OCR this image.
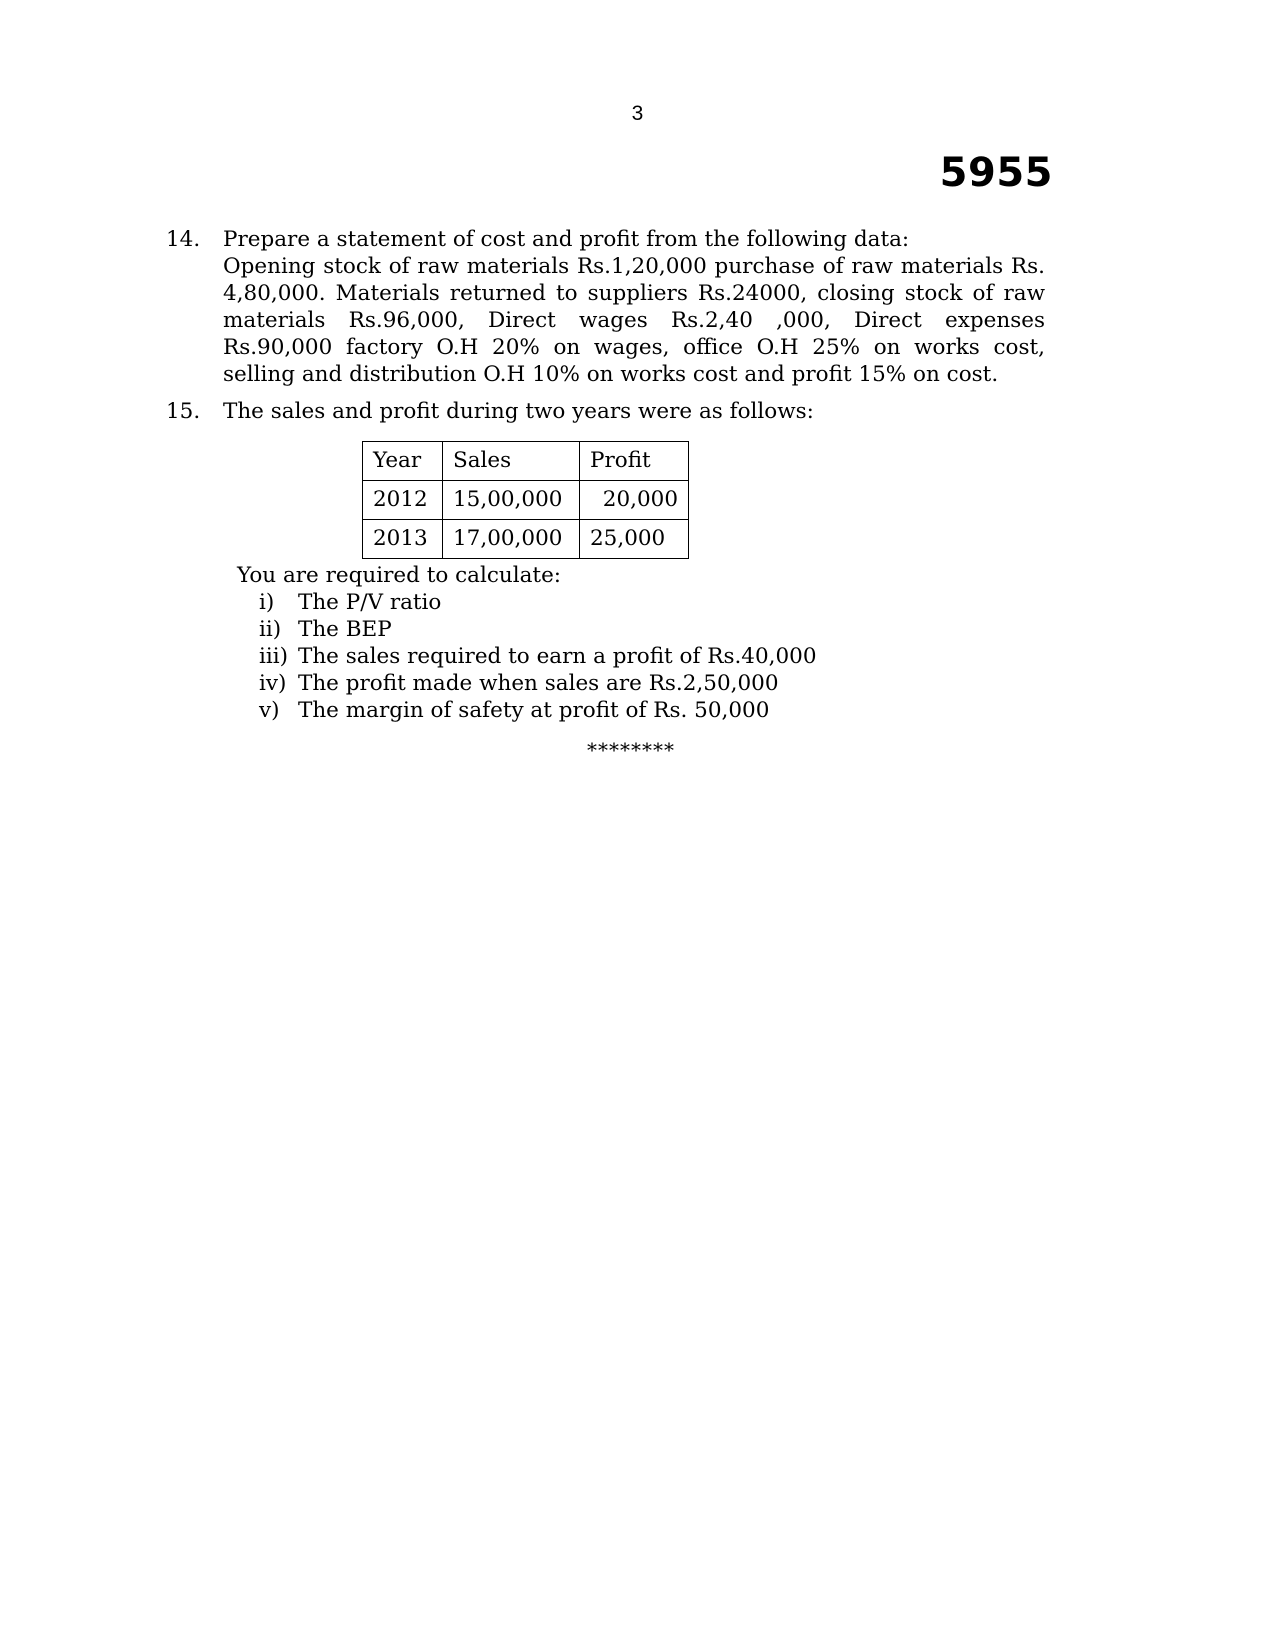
3
5955
14.	Prepare a statement of cost and profit from the following data:

Opening stock of raw materials Rs.1,20,000 purchase of raw materials Rs. 4,80,000. Materials returned to suppliers Rs.24000, closing stock of raw materials Rs.96,000, Direct wages Rs.2,40 ,000, Direct expenses Rs.90,000 factory O.H 20% on wages, office O.H 25% on works cost, selling and distribution O.H 10% on works cost and profit 15% on cost.

15.	The sales and profit during two years were as follows:

Year	Sales	Profit
2012	15,00,000	20,000
2013	17,00,000	25,000
You are required to calculate:
i)	The P/V ratio
ii) The BEP
iii) The sales required to earn a profit of Rs.40,000
iv) The profit made when sales are Rs.2,50,000
v) The margin of safety at profit of Rs. 50,000
********
